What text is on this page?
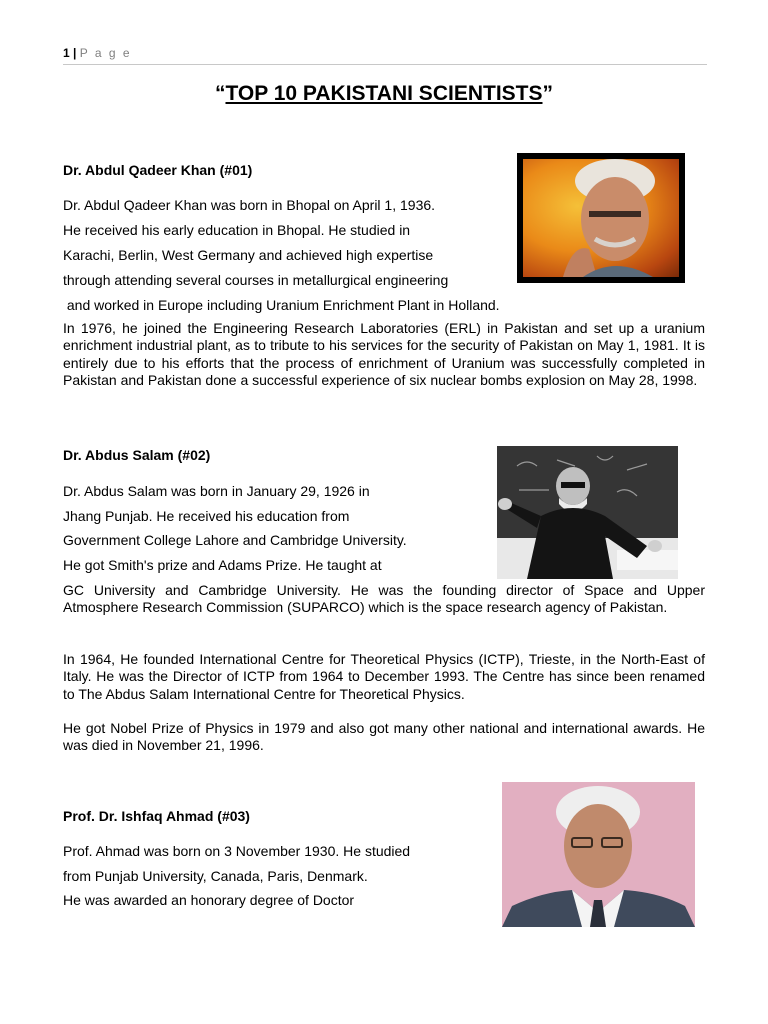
1 | P a g e
“TOP 10 PAKISTANI SCIENTISTS”
Dr. Abdul Qadeer Khan (#01)
Dr. Abdul Qadeer Khan was born in Bhopal on April 1, 1936.
He received his early education in Bhopal. He studied in
Karachi, Berlin, West Germany and achieved high expertise
through attending several courses in metallurgical engineering
and worked in Europe including Uranium Enrichment Plant in Holland.
In 1976, he joined the Engineering Research Laboratories (ERL) in Pakistan and set up a uranium enrichment industrial plant, as to tribute to his services for the security of Pakistan on May 1, 1981. It is entirely due to his efforts that the process of enrichment of Uranium was successfully completed in Pakistan and Pakistan done a successful experience of six nuclear bombs explosion on May 28, 1998.
Dr. Abdus Salam (#02)
Dr. Abdus Salam was born in January 29, 1926 in
Jhang Punjab. He received his education from
Government College Lahore and Cambridge University.
He got Smith's prize and Adams Prize. He taught at
GC University and Cambridge University. He was the founding director of Space and Upper Atmosphere Research Commission (SUPARCO) which is the space research agency of Pakistan.
In 1964, He founded International Centre for Theoretical Physics (ICTP), Trieste, in the North-East of Italy. He was the Director of ICTP from 1964 to December 1993. The Centre has since been renamed to The Abdus Salam International Centre for Theoretical Physics.
He got Nobel Prize of Physics in 1979 and also got many other national and international awards. He was died in November 21, 1996.
Prof. Dr. Ishfaq Ahmad (#03)
Prof. Ahmad was born on 3 November 1930. He studied
from Punjab University, Canada, Paris, Denmark.
He was awarded an honorary degree of Doctor
